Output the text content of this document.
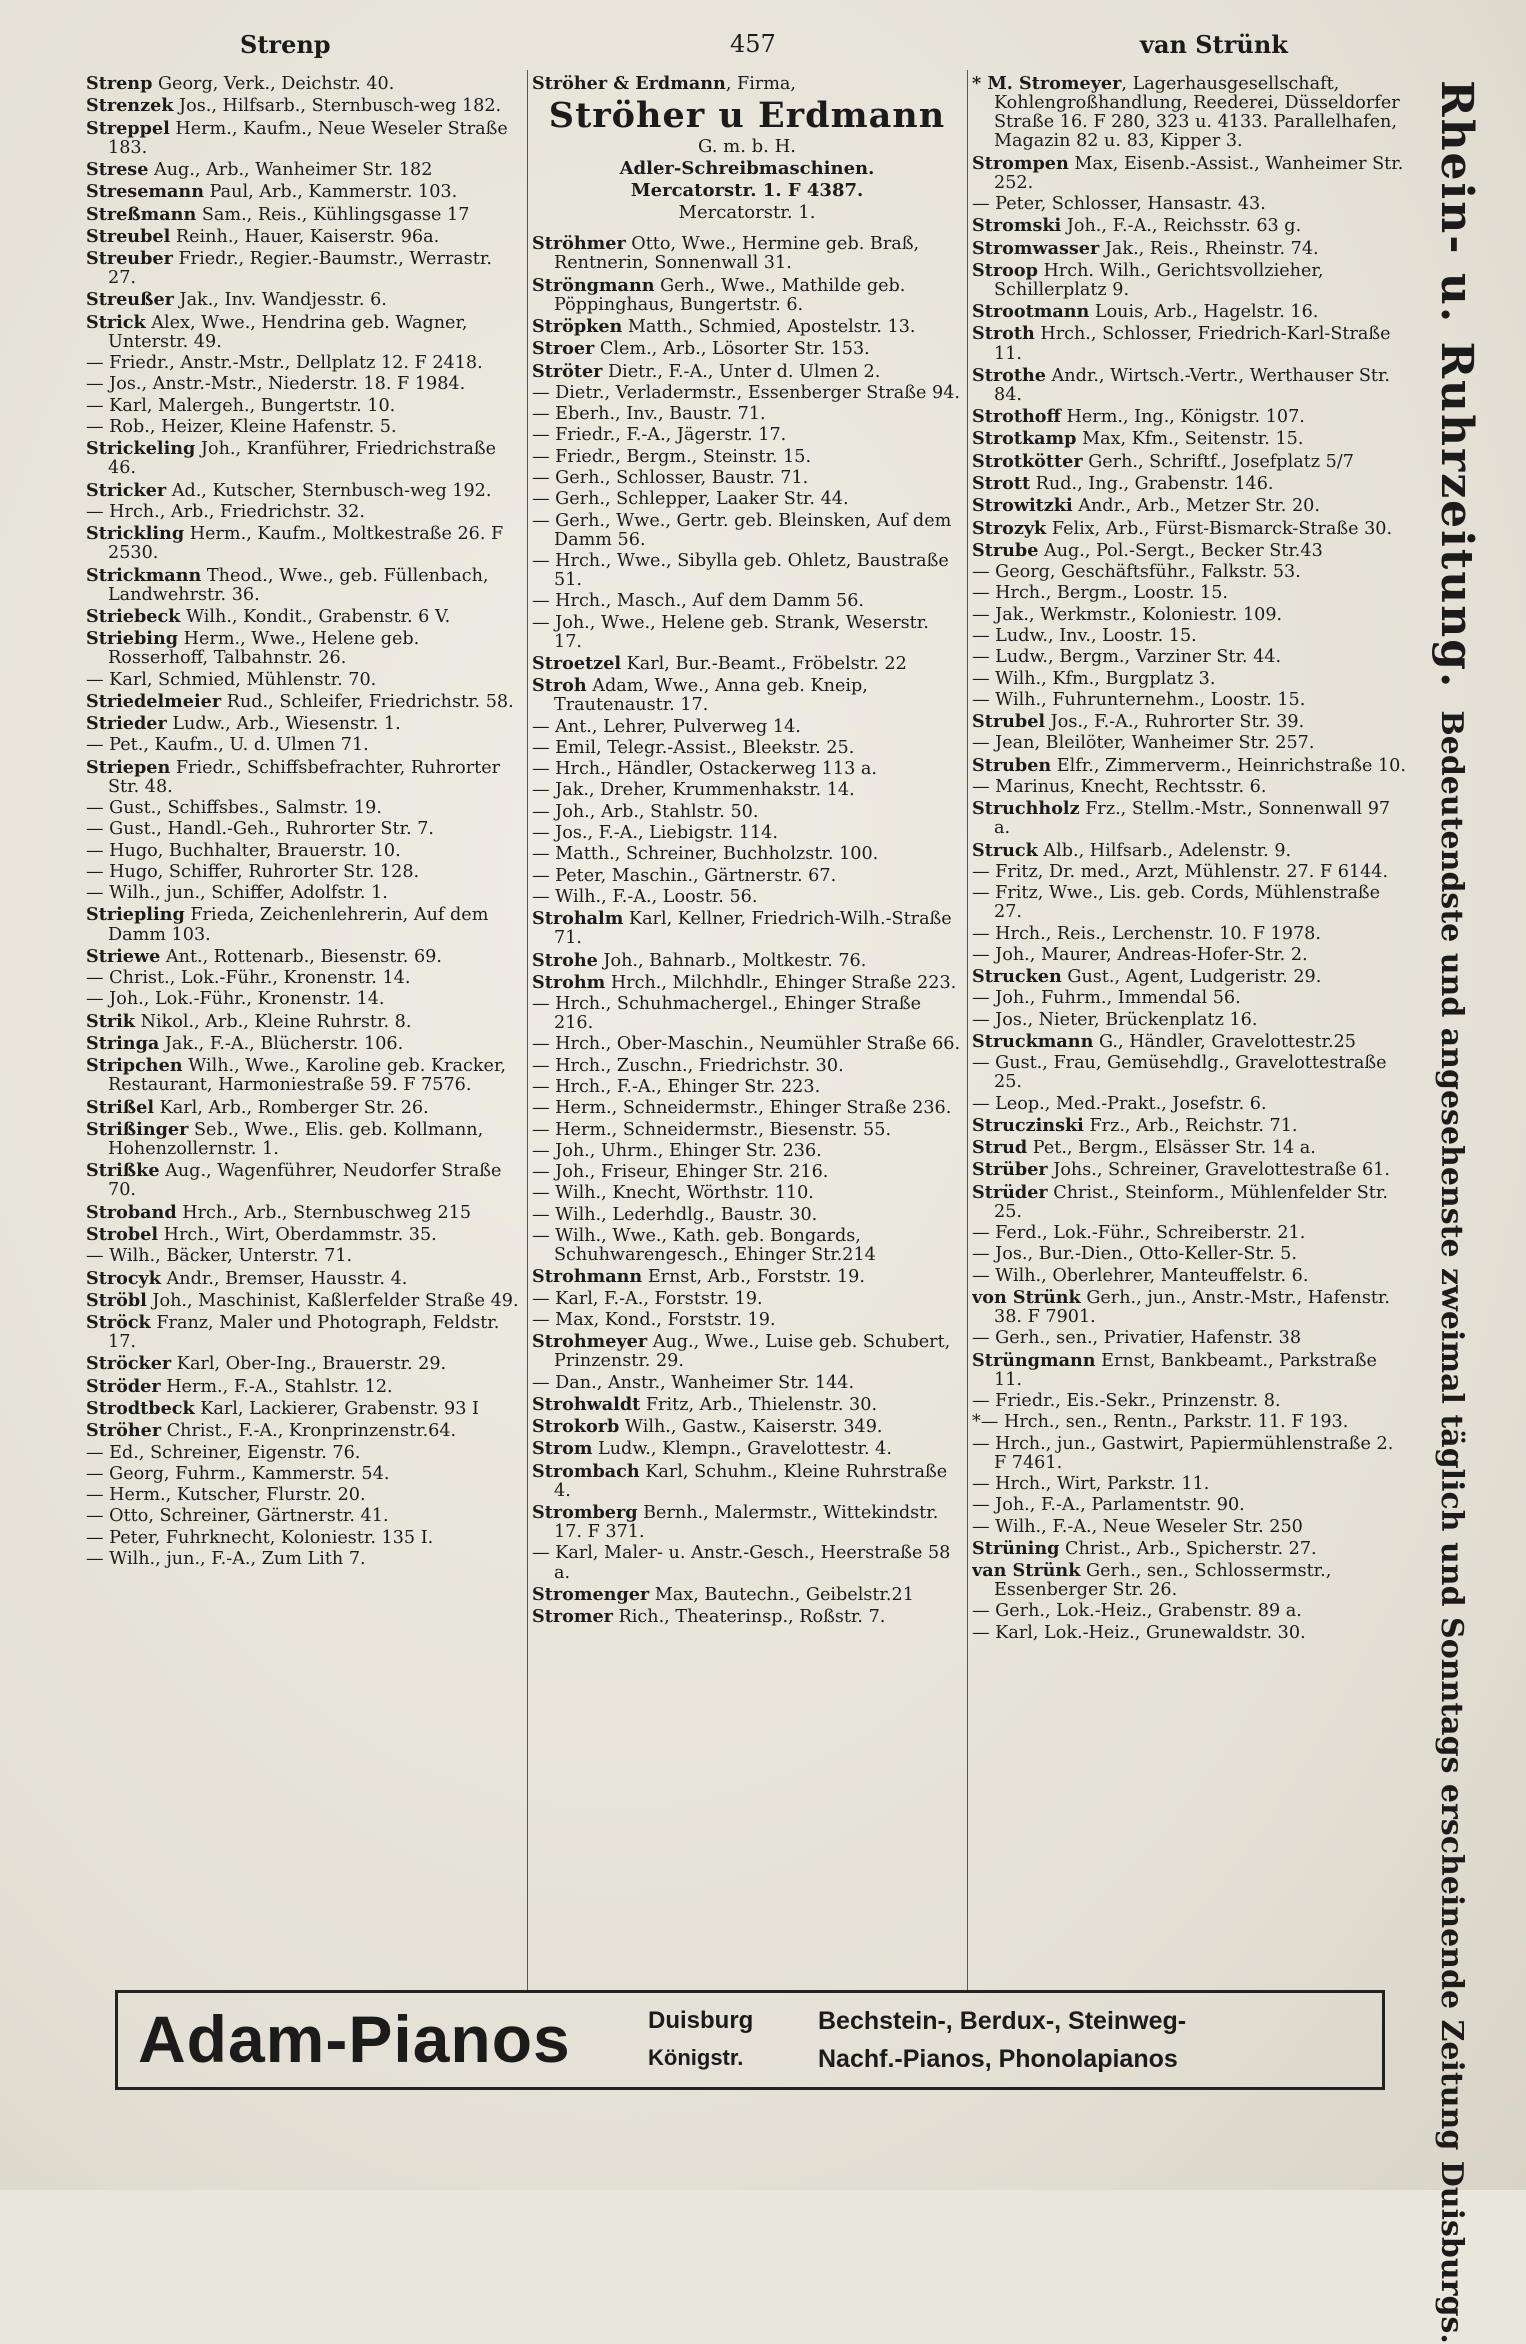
Strenp	457	van Strünk
Strenp Georg, Verk., Deichstr. 40.
Strenzek Jos., Hilfsarb., Sternbusch-weg 182.
Streppel Herm., Kaufm., Neue Weseler Straße 183.
Strese Aug., Arb., Wanheimer Str. 182
Stresemann Paul, Arb., Kammerstr. 103.
Streßmann Sam., Reis., Kühlingsgasse 17
Streubel Reinh., Hauer, Kaiserstr. 96a.
Streuber Friedr., Regier.-Baumstr., Werrastr. 27.
Streußer Jak., Inv. Wandjesstr. 6.
Strick Alex, Wwe., Hendrina geb. Wagner, Unterstr. 49.
— Friedr., Anstr.-Mstr., Dellplatz 12. F 2418.
— Jos., Anstr.-Mstr., Niederstr. 18. F 1984.
— Karl, Malergeh., Bungertstr. 10.
— Rob., Heizer, Kleine Hafenstr. 5.
Strickeling Joh., Kranführer, Friedrichstraße 46.
Stricker Ad., Kutscher, Sternbusch-weg 192.
— Hrch., Arb., Friedrichstr. 32.
Strickling Herm., Kaufm., Moltkestraße 26. F 2530.
Strickmann Theod., Wwe., geb. Füllenbach, Landwehrstr. 36.
Striebeck Wilh., Kondit., Grabenstr. 6 V.
Striebing Herm., Wwe., Helene geb. Rosserhoff, Talbahnstr. 26.
— Karl, Schmied, Mühlenstr. 70.
Striedelmeier Rud., Schleifer, Friedrichstr. 58.
Strieder Ludw., Arb., Wiesenstr. 1.
— Pet., Kaufm., U. d. Ulmen 71.
Striepen Friedr., Schiffsbefrachter, Ruhrorter Str. 48.
— Gust., Schiffsbes., Salmstr. 19.
— Gust., Handl.-Geh., Ruhrorter Str. 7.
— Hugo, Buchhalter, Brauerstr. 10.
— Hugo, Schiffer, Ruhrorter Str. 128.
— Wilh., jun., Schiffer, Adolfstr. 1.
Striepling Frieda, Zeichenlehrerin, Auf dem Damm 103.
Striewe Ant., Rottenarb., Biesenstr. 69.
— Christ., Lok.-Führ., Kronenstr. 14.
— Joh., Lok.-Führ., Kronenstr. 14.
Strik Nikol., Arb., Kleine Ruhrstr. 8.
Stringa Jak., F.-A., Blücherstr. 106.
Stripchen Wilh., Wwe., Karoline geb. Kracker, Restaurant, Harmoniestraße 59. F 7576.
Strißel Karl, Arb., Romberger Str. 26.
Strißinger Seb., Wwe., Elis. geb. Kollmann, Hohenzollernstr. 1.
Strißke Aug., Wagenführer, Neudorfer Straße 70.
Stroband Hrch., Arb., Sternbuschweg 215
Strobel Hrch., Wirt, Oberdammstr. 35.
— Wilh., Bäcker, Unterstr. 71.
Strocyk Andr., Bremser, Hausstr. 4.
Ströbl Joh., Maschinist, Kaßlerfelder Straße 49.
Ströck Franz, Maler und Photograph, Feldstr. 17.
Ströcker Karl, Ober-Ing., Brauerstr. 29.
Ströder Herm., F.-A., Stahlstr. 12.
Strodtbeck Karl, Lackierer, Grabenstr. 93 I
Ströher Christ., F.-A., Kronprinzenstr.64.
— Ed., Schreiner, Eigenstr. 76.
— Georg, Fuhrm., Kammerstr. 54.
— Herm., Kutscher, Flurstr. 20.
— Otto, Schreiner, Gärtnerstr. 41.
— Peter, Fuhrknecht, Koloniestr. 135 I.
— Wilh., jun., F.-A., Zum Lith 7.
Ströher & Erdmann, Firma,
Ströher u Erdmann
G. m. b. H.
Adler-Schreibmaschinen.
Mercatorstr. 1. F 4387.
Mercatorstr. 1.
Ströhmer Otto, Wwe., Hermine geb. Braß, Rentnerin, Sonnenwall 31.
Ströngmann Gerh., Wwe., Mathilde geb. Pöppinghaus, Bungertstr. 6.
Ströpken Matth., Schmied, Apostelstr. 13.
Stroer Clem., Arb., Lösorter Str. 153.
Ströter Dietr., F.-A., Unter d. Ulmen 2.
— Dietr., Verladermstr., Essenberger Straße 94.
— Eberh., Inv., Baustr. 71.
— Friedr., F.-A., Jägerstr. 17.
— Friedr., Bergm., Steinstr. 15.
— Gerh., Schlosser, Baustr. 71.
— Gerh., Schlepper, Laaker Str. 44.
— Gerh., Wwe., Gertr. geb. Bleinsken, Auf dem Damm 56.
— Hrch., Wwe., Sibylla geb. Ohletz, Baustraße 51.
— Hrch., Masch., Auf dem Damm 56.
— Joh., Wwe., Helene geb. Strank, Weserstr. 17.
Stroetzel Karl, Bur.-Beamt., Fröbelstr. 22
Stroh Adam, Wwe., Anna geb. Kneip, Trautenaustr. 17.
— Ant., Lehrer, Pulverweg 14.
— Emil, Telegr.-Assist., Bleekstr. 25.
— Hrch., Händler, Ostackerweg 113 a.
— Jak., Dreher, Krummenhakstr. 14.
— Joh., Arb., Stahlstr. 50.
— Jos., F.-A., Liebigstr. 114.
— Matth., Schreiner, Buchholzstr. 100.
— Peter, Maschin., Gärtnerstr. 67.
— Wilh., F.-A., Loostr. 56.
Strohalm Karl, Kellner, Friedrich-Wilh.-Straße 71.
Strohe Joh., Bahnarb., Moltkestr. 76.
Strohm Hrch., Milchhdlr., Ehinger Straße 223.
— Hrch., Schuhmachergel., Ehinger Straße 216.
— Hrch., Ober-Maschin., Neumühler Straße 66.
— Hrch., Zuschn., Friedrichstr. 30.
— Hrch., F.-A., Ehinger Str. 223.
— Herm., Schneidermstr., Ehinger Straße 236.
— Herm., Schneidermstr., Biesenstr. 55.
— Joh., Uhrm., Ehinger Str. 236.
— Joh., Friseur, Ehinger Str. 216.
— Wilh., Knecht, Wörthstr. 110.
— Wilh., Lederhdlg., Baustr. 30.
— Wilh., Wwe., Kath. geb. Bongards, Schuhwarengesch., Ehinger Str.214
Strohmann Ernst, Arb., Forststr. 19.
— Karl, F.-A., Forststr. 19.
— Max, Kond., Forststr. 19.
Strohmeyer Aug., Wwe., Luise geb. Schubert, Prinzenstr. 29.
— Dan., Anstr., Wanheimer Str. 144.
Strohwaldt Fritz, Arb., Thielenstr. 30.
Strokorb Wilh., Gastw., Kaiserstr. 349.
Strom Ludw., Klempn., Gravelottestr. 4.
Strombach Karl, Schuhm., Kleine Ruhrstraße 4.
Stromberg Bernh., Malermstr., Wittekindstr. 17. F 371.
— Karl, Maler- u. Anstr.-Gesch., Heerstraße 58 a.
Stromenger Max, Bautechn., Geibelstr.21
Stromer Rich., Theaterinsp., Roßstr. 7.
* M. Stromeyer, Lagerhausgesellschaft, Kohlengroßhandlung, Reederei, Düsseldorfer Straße 16. F 280, 323 u. 4133. Parallelhafen, Magazin 82 u. 83, Kipper 3.
Strompen Max, Eisenb.-Assist., Wanheimer Str. 252.
— Peter, Schlosser, Hansastr. 43.
Stromski Joh., F.-A., Reichsstr. 63 g.
Stromwasser Jak., Reis., Rheinstr. 74.
Stroop Hrch. Wilh., Gerichtsvollzieher, Schillerplatz 9.
Strootmann Louis, Arb., Hagelstr. 16.
Stroth Hrch., Schlosser, Friedrich-Karl-Straße 11.
Strothe Andr., Wirtsch.-Vertr., Werthauser Str. 84.
Strothoff Herm., Ing., Königstr. 107.
Strotkamp Max, Kfm., Seitenstr. 15.
Strotkötter Gerh., Schriftf., Josefplatz 5/7
Strott Rud., Ing., Grabenstr. 146.
Strowitzki Andr., Arb., Metzer Str. 20.
Strozyk Felix, Arb., Fürst-Bismarck-Straße 30.
Strube Aug., Pol.-Sergt., Becker Str.43
— Georg, Geschäftsführ., Falkstr. 53.
— Hrch., Bergm., Loostr. 15.
— Jak., Werkmstr., Koloniestr. 109.
— Ludw., Inv., Loostr. 15.
— Ludw., Bergm., Varziner Str. 44.
— Wilh., Kfm., Burgplatz 3.
— Wilh., Fuhrunternehm., Loostr. 15.
Strubel Jos., F.-A., Ruhrorter Str. 39.
— Jean, Bleilöter, Wanheimer Str. 257.
Struben Elfr., Zimmerverm., Heinrichstraße 10.
— Marinus, Knecht, Rechtsstr. 6.
Struchholz Frz., Stellm.-Mstr., Sonnenwall 97 a.
Struck Alb., Hilfsarb., Adelenstr. 9.
— Fritz, Dr. med., Arzt, Mühlenstr. 27. F 6144.
— Fritz, Wwe., Lis. geb. Cords, Mühlenstraße 27.
— Hrch., Reis., Lerchenstr. 10. F 1978.
— Joh., Maurer, Andreas-Hofer-Str. 2.
Strucken Gust., Agent, Ludgeristr. 29.
— Joh., Fuhrm., Immendal 56.
— Jos., Nieter, Brückenplatz 16.
Struckmann G., Händler, Gravelottestr.25
— Gust., Frau, Gemüsehdlg., Gravelottestraße 25.
— Leop., Med.-Prakt., Josefstr. 6.
Struczinski Frz., Arb., Reichstr. 71.
Strud Pet., Bergm., Elsässer Str. 14 a.
Strüber Johs., Schreiner, Gravelottestraße 61.
Strüder Christ., Steinform., Mühlenfelder Str. 25.
— Ferd., Lok.-Führ., Schreiberstr. 21.
— Jos., Bur.-Dien., Otto-Keller-Str. 5.
— Wilh., Oberlehrer, Manteuffelstr. 6.
von Strünk Gerh., jun., Anstr.-Mstr., Hafenstr. 38. F 7901.
— Gerh., sen., Privatier, Hafenstr. 38
Strüngmann Ernst, Bankbeamt., Parkstraße 11.
— Friedr., Eis.-Sekr., Prinzenstr. 8.
*— Hrch., sen., Rentn., Parkstr. 11. F 193.
— Hrch., jun., Gastwirt, Papiermühlenstraße 2. F 7461.
— Hrch., Wirt, Parkstr. 11.
— Joh., F.-A., Parlamentstr. 90.
— Wilh., F.-A., Neue Weseler Str. 250
Strüning Christ., Arb., Spicherstr. 27.
van Strünk Gerh., sen., Schlossermstr., Essenberger Str. 26.
— Gerh., Lok.-Heiz., Grabenstr. 89 a.
— Karl, Lok.-Heiz., Grunewaldstr. 30.
Rhein- u. Ruhrzeitung. Bedeutendste und angesehenste zweimal täglich und Sonntags erscheinende Zeitung Duisburgs.
Adam-Pianos	Duisburg
Königstr.
Bechstein-, Berdux-, Steinweg-
Nachf.-Pianos, Phonolapianos
